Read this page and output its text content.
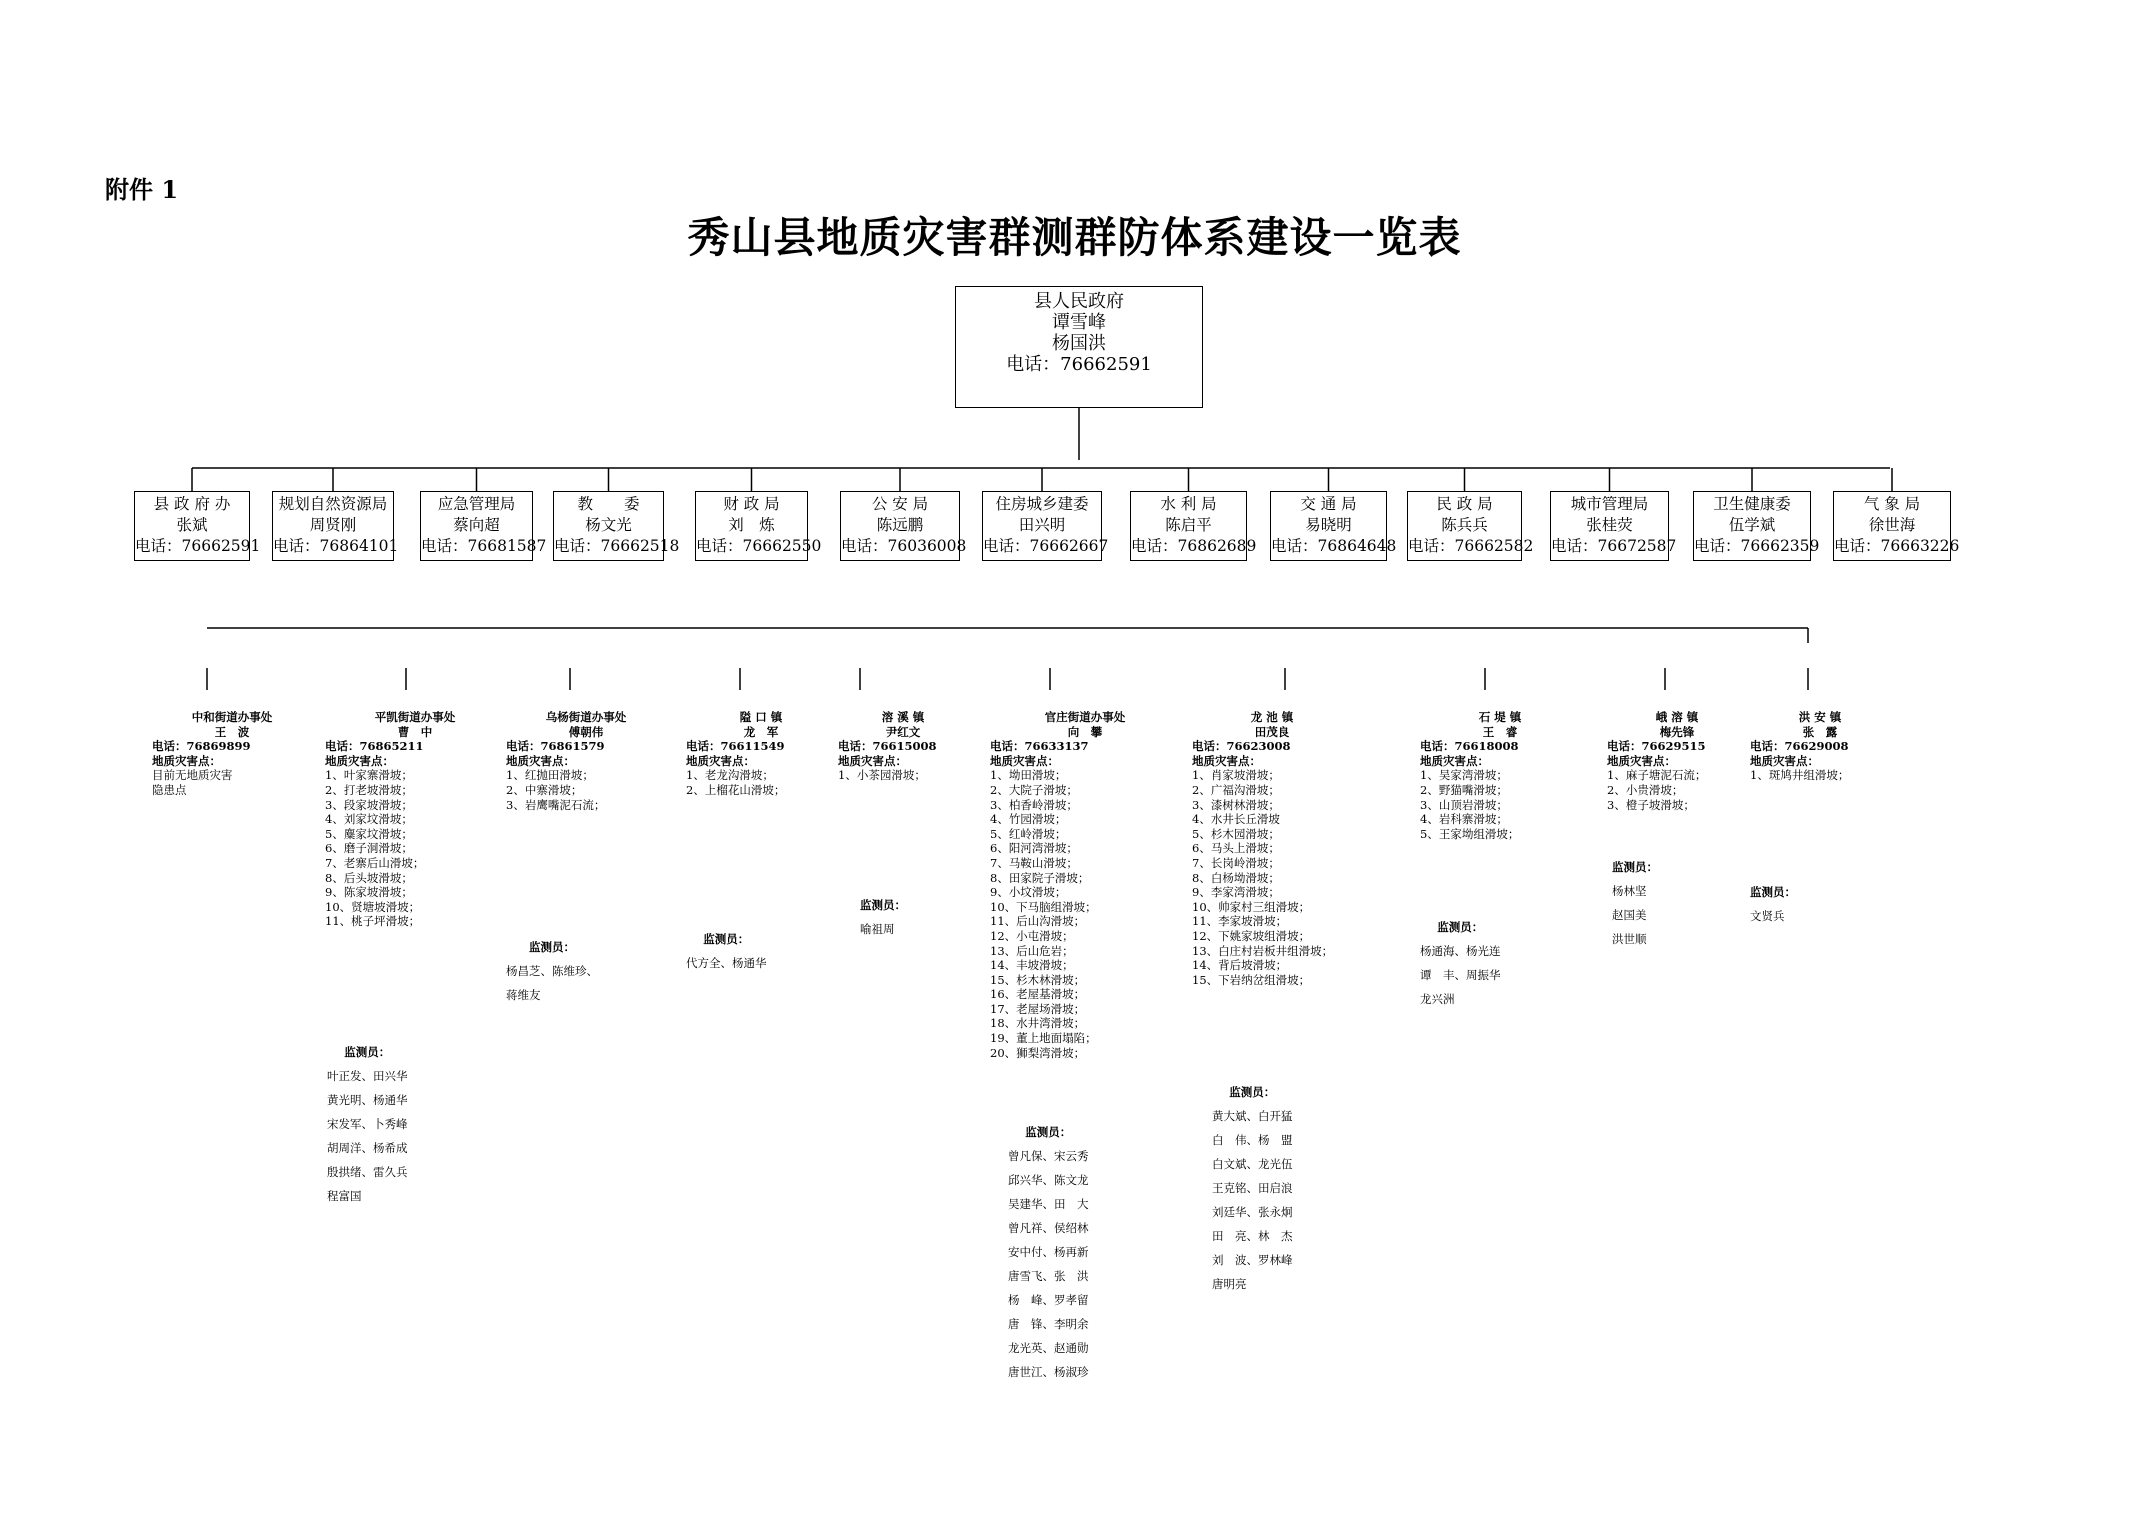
附件 1
秀山县地质灾害群测群防体系建设一览表
县人民政府
谭雪峰
杨国洪
电话：76662591
县 政 府 办
张斌
电话：76662591
规划自然资源局
周贤刚
电话：76864101
应急管理局
蔡向超
电话：76681587
教　　委
杨文光
电话：76662518
财 政 局
刘　炼
电话：76662550
公 安 局
陈远鹏
电话：76036008
住房城乡建委
田兴明
电话：76662667
水 利 局
陈启平
电话：76862689
交 通 局
易晓明
电话：76864648
民 政 局
陈兵兵
电话：76662582
城市管理局
张桂荧
电话：76672587
卫生健康委
伍学斌
电话：76662359
气 象 局
徐世海
电话：76663226
中和街道办事处
王　波
电话：76869899
地质灾害点：
目前无地质灾害
隐患点
平凯街道办事处
曹　中
电话：76865211
地质灾害点：
1、叶家寨滑坡；
2、打老坡滑坡；
3、段家坡滑坡；
4、刘家坟滑坡；
5、麋家坟滑坡；
6、磨子洞滑坡；
7、老寨后山滑坡；
8、后头坡滑坡；
9、陈家坡滑坡；
10、贤塘坡滑坡；
11、桃子坪滑坡；
监测员：
叶正发、田兴华
黄光明、杨通华
宋发军、卜秀峰
胡周洋、杨希成
殷拱绪、雷久兵
程富国
乌杨街道办事处
傅朝伟
电话：76861579
地质灾害点：
1、红抛田滑坡；
2、中寨滑坡；
3、岩鹰嘴泥石流；
监测员：
杨昌芝、陈维珍、
蒋维友
隘 口 镇
龙　军
电话：76611549
地质灾害点：
1、老龙沟滑坡；
2、上榴花山滑坡；
监测员：
代方全、杨通华
溶 溪 镇
尹红文
电话：76615008
地质灾害点：
1、小茶园滑坡；
监测员：
喻祖周
官庄街道办事处
向　攀
电话：76633137
地质灾害点：
1、坳田滑坡；
2、大院子滑坡；
3、柏香岭滑坡；
4、竹园滑坡；
5、红岭滑坡；
6、阳河湾滑坡；
7、马鞍山滑坡；
8、田家院子滑坡；
9、小坟滑坡；
10、下马脑组滑坡；
11、后山沟滑坡；
12、小屯滑坡；
13、后山危岩；
14、丰坡滑坡；
15、杉木林滑坡；
16、老屋基滑坡；
17、老屋场滑坡；
18、水井湾滑坡；
19、董上地面塌陷；
20、狮梨湾滑坡；
监测员：
曾凡保、宋云秀
邱兴华、陈文龙
吴建华、田　大
曾凡祥、侯绍林
安中付、杨再新
唐雪飞、张　洪
杨　峰、罗孝留
唐　锋、李明余
龙光英、赵通勋
唐世江、杨淑珍
龙 池 镇
田茂良
电话：76623008
地质灾害点：
1、肖家坡滑坡；
2、广福沟滑坡；
3、漆树林滑坡；
4、水井长丘滑坡
5、杉木园滑坡；
6、马头上滑坡；
7、长岗岭滑坡；
8、白杨坳滑坡；
9、李家湾滑坡；
10、帅家村三组滑坡；
11、李家坡滑坡；
12、下姚家坡组滑坡；
13、白庄村岩板井组滑坡；
14、背后坡滑坡；
15、下岩纳岔组滑坡；
监测员：
黄大斌、白开猛
白　伟、杨　盟
白文斌、龙光伍
王克铭、田启浪
刘廷华、张永炯
田　亮、林　杰
刘　波、罗林峰
唐明亮
石 堤 镇
王　睿
电话：76618008
地质灾害点：
1、吴家湾滑坡；
2、野猫嘴滑坡；
3、山顶岩滑坡；
4、岩科寨滑坡；
5、王家坳组滑坡；
监测员：
杨通海、杨光连
谭　丰、周振华
龙兴洲
峨 溶 镇
梅先锋
电话：76629515
地质灾害点：
1、麻子塘泥石流；
2、小贵滑坡；
3、橙子坡滑坡；
监测员：
杨林坚
赵国美
洪世顺
洪 安 镇
张　露
电话：76629008
地质灾害点：
1、斑鸠井组滑坡；
监测员：
文贤兵
